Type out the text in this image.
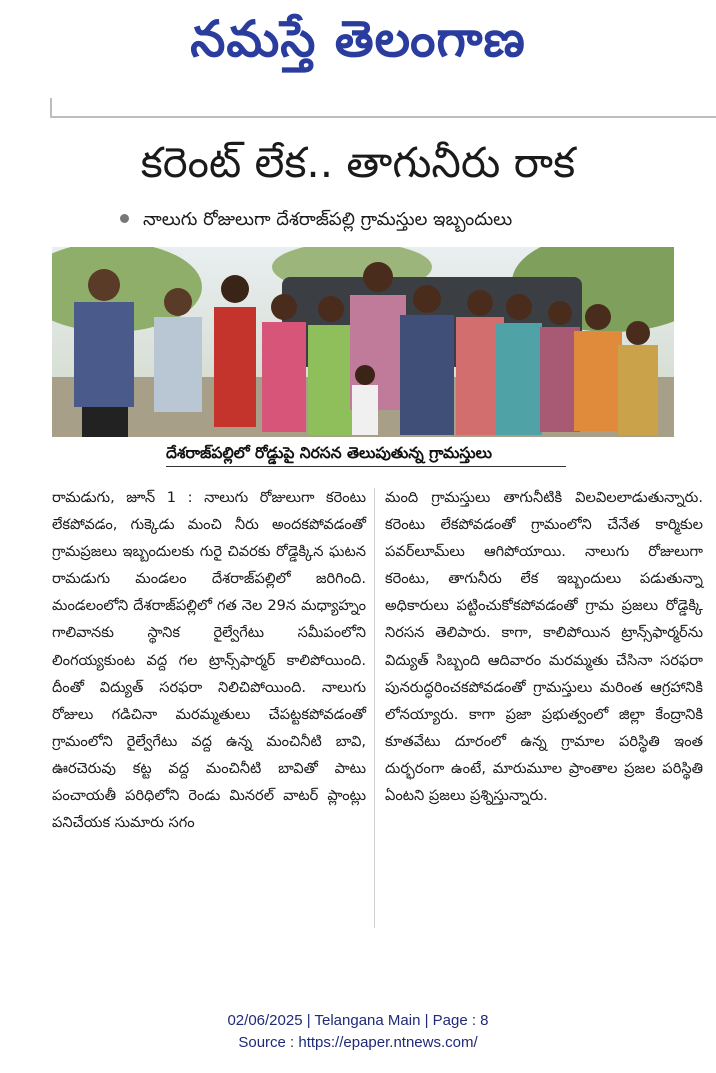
నమస్తే తెలంగాణ
కరెంట్ లేక.. తాగునీరు రాక
నాలుగు రోజులుగా దేశరాజ్‌పల్లి గ్రామస్తుల ఇబ్బందులు
దేశరాజ్‌పల్లిలో రోడ్డుపై నిరసన తెలుపుతున్న గ్రామస్తులు

రామడుగు, జూన్ 1 : నాలుగు రోజులుగా కరెంటు లేకపోవడం, గుక్కెడు మంచి నీరు అందకపోవడంతో గ్రామప్రజలు ఇబ్బందులకు గురై చివరకు రోడ్డెక్కిన ఘటన రామడుగు మండలం దేశరాజ్‌పల్లిలో జరిగింది. మండలంలోని దేశరాజ్‌పల్లిలో గత నెల 29న మధ్యాహ్నం గాలివానకు స్థానిక రైల్వేగేటు సమీపంలోని లింగయ్యకుంట వద్ద గల ట్రాన్స్‌ఫార్మర్ కాలిపోయింది. దీంతో విద్యుత్ సరఫరా నిలిచిపోయింది. నాలుగు రోజులు గడిచినా మరమ్మతులు చేపట్టకపోవడంతో గ్రామంలోని రైల్వేగేటు వద్ద ఉన్న మంచినీటి బావి, ఊరచెరువు కట్ట వద్ద మంచినీటి బావితో పాటు పంచాయతీ పరిధిలోని రెండు మినరల్ వాటర్ ప్లాంట్లు పనిచేయక సుమారు సగం

మంది గ్రామస్తులు తాగునీటికి విలవిలలాడుతున్నారు. కరెంటు లేకపోవడంతో గ్రామంలోని చేనేత కార్మికుల పవర్‌లూమ్‌లు ఆగిపోయాయి. నాలుగు రోజులుగా కరెంటు, తాగునీరు లేక ఇబ్బందులు పడుతున్నా అధికారులు పట్టించుకోకపోవడంతో గ్రామ ప్రజలు రోడ్డెక్కి నిరసన తెలిపారు. కాగా, కాలిపోయిన ట్రాన్స్‌ఫార్మర్‌ను విద్యుత్ సిబ్బంది ఆదివారం మరమ్మతు చేసినా సరఫరా పునరుద్ధరించకపోవడంతో గ్రామస్తులు మరింత ఆగ్రహానికి లోనయ్యారు. కాగా ప్రజా ప్రభుత్వంలో జిల్లా కేంద్రానికి కూతవేటు దూరంలో ఉన్న గ్రామాల పరిస్థితి ఇంత దుర్భరంగా ఉంటే, మారుమూల ప్రాంతాల ప్రజల పరిస్థితి ఏంటని ప్రజలు ప్రశ్నిస్తున్నారు.

02/06/2025 | Telangana Main | Page : 8
Source : https://epaper.ntnews.com/
